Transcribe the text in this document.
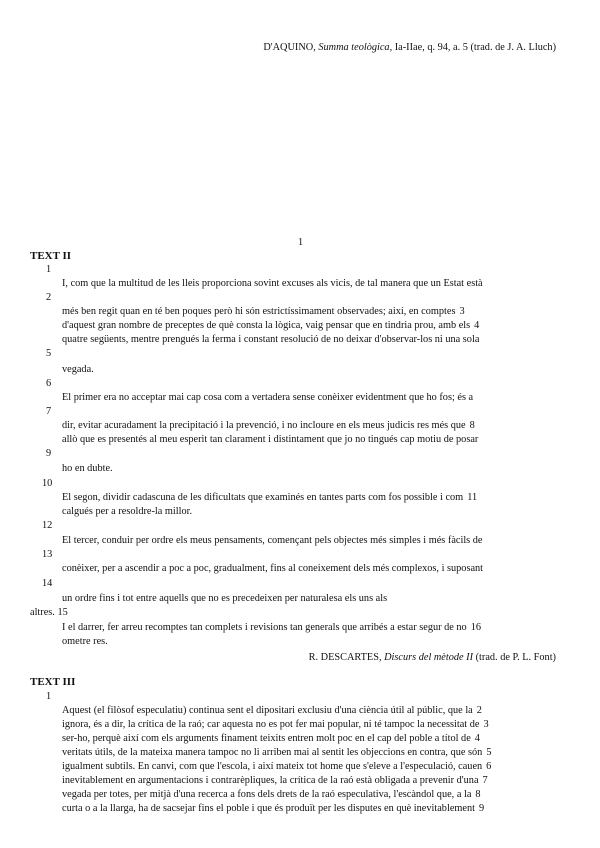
D'AQUINO, Summa teològica, Ia-IIae, q. 94, a. 5 (trad. de J. A. Lluch)
1
TEXT II
1
I, com que la multitud de les lleis proporciona sovint excuses als vicis, de tal manera que un Estat està
2
més ben regit quan en té ben poques però hi són estrictíssimament observades; així, en comptes 3
d'aquest gran nombre de preceptes de què consta la lògica, vaig pensar que en tindria prou, amb els 4
quatre següents, mentre prengués la ferma i constant resolució de no deixar d'observar-los ni una sola
5
vegada.
6
El primer era no acceptar mai cap cosa com a vertadera sense conèixer evidentment que ho fos; és a
7
dir, evitar acuradament la precipitació i la prevenció, i no incloure en els meus judicis res més que 8
allò que es presentés al meu esperit tan clarament i distintament que jo no tingués cap motiu de posar
9
ho en dubte.
10
El segon, dividir cadascuna de les dificultats que examinés en tantes parts com fos possible i com 11
calgués per a resoldre-la millor.
12
El tercer, conduir per ordre els meus pensaments, començant pels objectes més simples i més fàcils de
13
conèixer, per a ascendir a poc a poc, gradualment, fins al coneixement dels més complexos, i suposant
14
un ordre fins i tot entre aquells que no es precedeixen per naturalesa els uns als
altres. 15
I el darrer, fer arreu recomptes tan complets i revisions tan generals que arribés a estar segur de no 16
ometre res.
R. DESCARTES, Discurs del mètode II (trad. de P. L. Font)
TEXT III
1
Aquest (el filòsof especulatiu) continua sent el dipositari exclusiu d'una ciència útil al públic, que la 2
ignora, és a dir, la crítica de la raó; car aquesta no es pot fer mai popular, ni té tampoc la necessitat de 3
ser-ho, perquè així com els arguments finament teixits entren molt poc en el cap del poble a títol de 4
veritats útils, de la mateixa manera tampoc no li arriben mai al sentit les objeccions en contra, que són 5
igualment subtils. En canvi, com que l'escola, i així mateix tot home que s'eleve a l'especulació, cauen 6
inevitablement en argumentacions i contrarèpliques, la crítica de la raó està obligada a prevenir d'una 7
vegada per totes, per mitjà d'una recerca a fons dels drets de la raó especulativa, l'escàndol que, a la 8
curta o a la llarga, ha de sacsejar fins el poble i que és produït per les disputes en què inevitablement 9
